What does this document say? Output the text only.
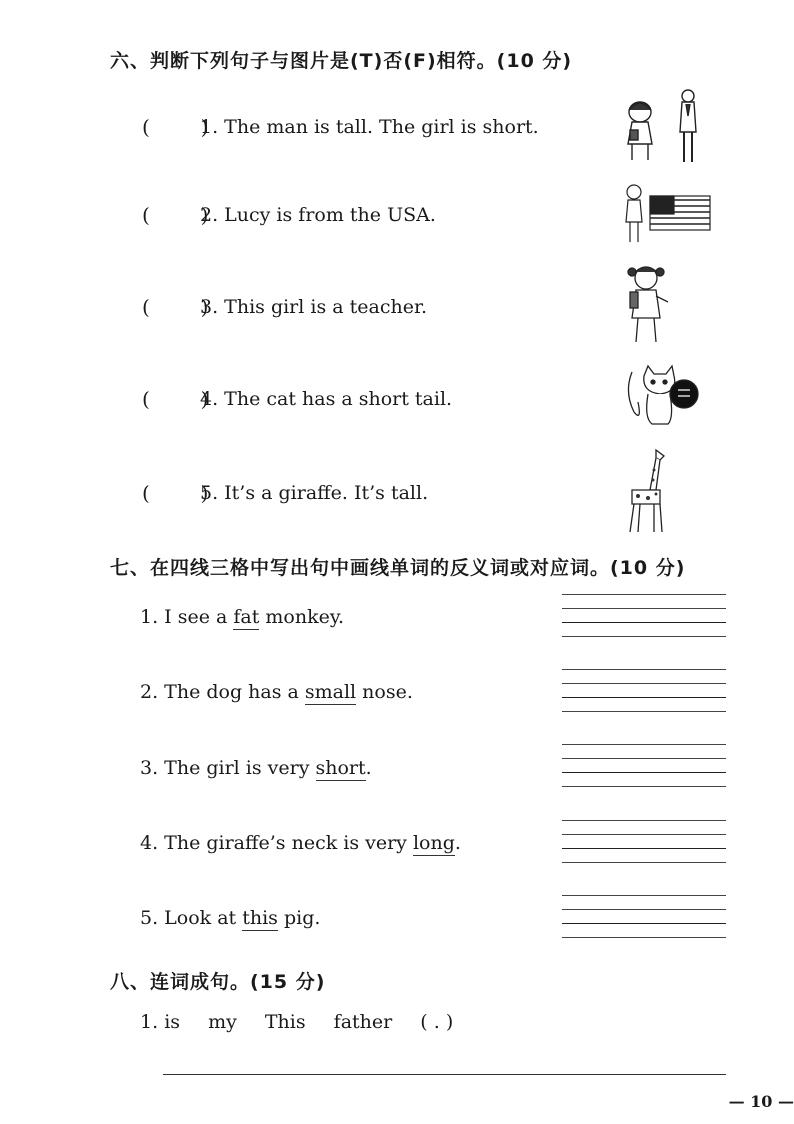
六、判断下列句子与图片是(T)否(F)相符。(10 分)
(        )
1. The man is tall. The girl is short.
(        )
2. Lucy is from the USA.
(        )
3. This girl is a teacher.
(        )
4. The cat has a short tail.
(        )
5. It’s a giraffe. It’s tall.
七、在四线三格中写出句中画线单词的反义词或对应词。(10 分)
1. I see a fat monkey.
2. The dog has a small nose.
3. The girl is very short.
4. The giraffe’s neck is very long.
5. Look at this pig.
八、连词成句。(15 分)
1. is my This father ( . )
— 10 —
